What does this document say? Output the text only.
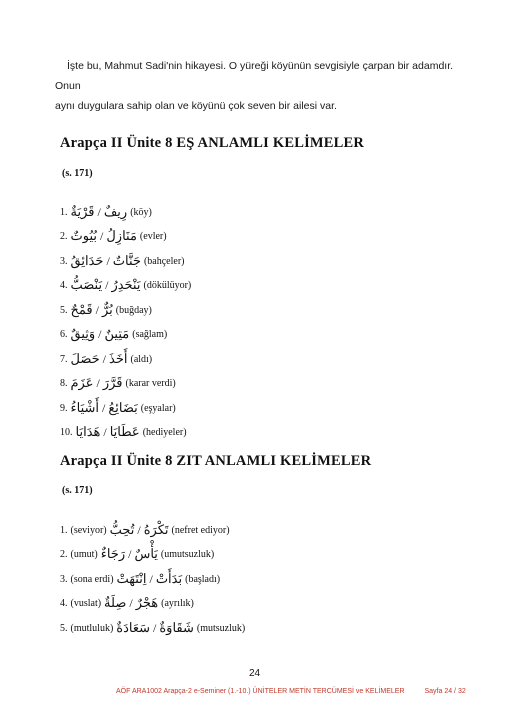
İşte bu, Mahmut Sadi'nin hikayesi. O yüreği köyünün sevgisiyle çarpan bir adamdır. Onun

aynı duygulara sahip olan ve köyünü çok seven bir ailesi var.
Arapça II Ünite 8 EŞ ANLAMLI KELİMELER
(s. 171)
1. قَرْيَةٌ / رِيفٌ (köy)
2. بُيُوتٌ / مَنَازِلُ (evler)
3. حَدَائِقُ / جَنَّاتٌ (bahçeler)
4. يَنْصَبُّ / يَنْحَدِرُ (dökülüyor)
5. قَمْحٌ / بُرٌّ (buğday)
6. وَثِيقٌ / مَتِينٌ (sağlam)
7. حَصَلَ / أَخَذَ (aldı)
8. عَزَمَ / قَرَّرَ (karar verdi)
9. أَشْيَاءُ / بَضَائِعُ (eşyalar)
10. هَدَايَا / عَطَايَا (hediyeler)
Arapça II Ünite 8 ZIT ANLAMLI KELİMELER
(s. 171)
1. (seviyor) تُحِبُّ / تَكْرَهُ (nefret ediyor)
2. (umut) رَجَاءٌ / يَأْسٌ (umutsuzluk)
3. (sona erdi) اِنْتَهَتْ / بَدَأَتْ (başladı)
4. (vuslat) صِلَةٌ / هَجْرٌ (ayrılık)
5. (mutluluk) سَعَادَةٌ / شَقَاوَةٌ (mutsuzluk)
24
AÖF ARA1002 Arapça-2 e-Seminer (1.-10.) ÜNİTELER METİN TERCÜMESİ ve KELİMELER	Sayfa 24 / 32
